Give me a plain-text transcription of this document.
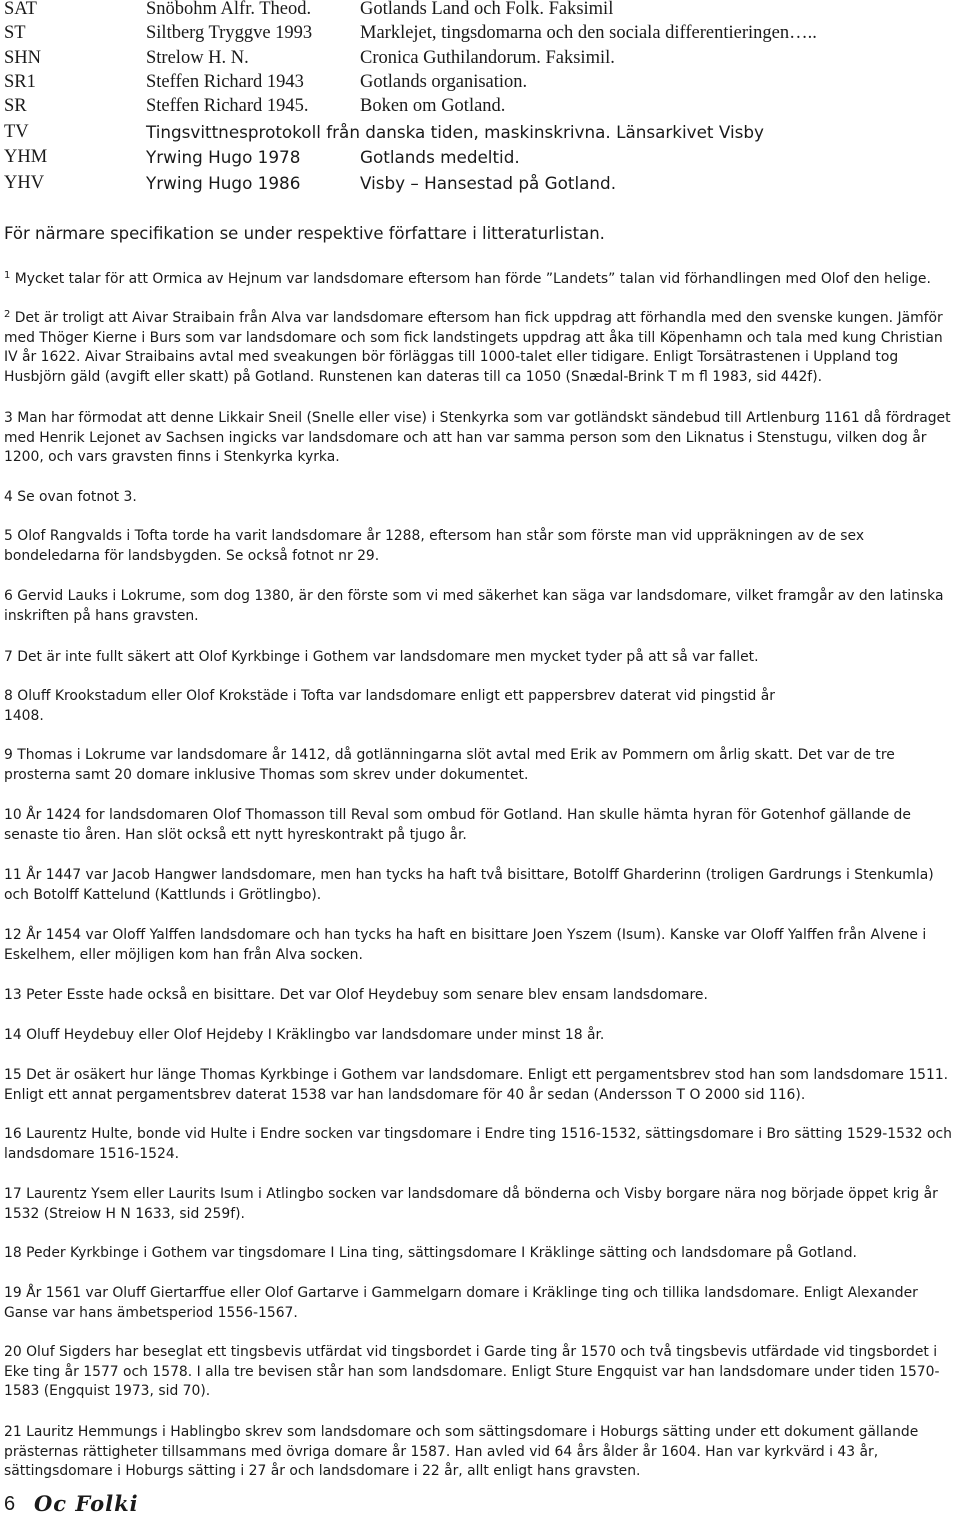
SAT	Snöbohm Alfr. Theod.	Gotlands Land och Folk. Faksimil
ST	Siltberg Tryggve 1993	Marklejet, tingsdomarna och den sociala differentieringen…..
SHN	Strelow H. N.	Cronica Guthilandorum. Faksimil.
SR1	Steffen Richard 1943	Gotlands organisation.
SR	Steffen Richard 1945.	Boken om Gotland.
TV	Tingsvittnesprotokoll från danska tiden, maskinskrivna. Länsarkivet Visby
YHM	Yrwing Hugo 1978	Gotlands medeltid.
YHV	Yrwing Hugo 1986	Visby – Hansestad på Gotland.
För närmare specifikation se under respektive författare i litteraturlistan.

$^1$ Mycket talar för att Ormica av Hejnum var landsdomare eftersom han förde ”Landets” talan vid förhandlingen med Olof den helige.

$^2$ Det är troligt att Aivar Straibain från Alva var landsdomare eftersom han fick uppdrag att förhandla med den svenske kungen. Jämför med Thöger Kierne i Burs som var landsdomare och som fick landstingets uppdrag att åka till Köpenhamn och tala med kung Christian IV år 1622. Aivar Straibains avtal med sveakungen bör förläggas till 1000-talet eller tidigare. Enligt Torsätrastenen i Uppland tog Husbjörn gäld (avgift eller skatt) på Gotland. Runstenen kan dateras till ca 1050 (Snædal-Brink T m fl 1983, sid 442f).

3 Man har förmodat att denne Likkair Sneil (Snelle eller vise) i Stenkyrka som var gotländskt sändebud till Artlenburg 1161 då fördraget med Henrik Lejonet av Sachsen ingicks var landsdomare och att han var samma person som den Liknatus i Stenstugu, vilken dog år 1200, och vars gravsten finns i Stenkyrka kyrka.

4 Se ovan fotnot 3.

5 Olof Rangvalds i Tofta torde ha varit landsdomare år 1288, eftersom han står som förste man vid uppräkningen av de sex bondeledarna för landsbygden. Se också fotnot nr 29.

6 Gervid Lauks i Lokrume, som dog 1380, är den förste som vi med säkerhet kan säga var landsdomare, vilket framgår av den latinska inskriften på hans gravsten.

7 Det är inte fullt säkert att Olof Kyrkbinge i Gothem var landsdomare men mycket tyder på att så var fallet.

8 Oluff Krookstadum eller Olof Krokstäde i Tofta var landsdomare enligt ett pappersbrev daterat vid pingstid år 1408.

9 Thomas i Lokrume var landsdomare år 1412, då gotlänningarna slöt avtal med Erik av Pommern om årlig skatt. Det var de tre prosterna samt 20 domare inklusive Thomas som skrev under dokumentet.

10 År 1424 for landsdomaren Olof Thomasson till Reval som ombud för Gotland. Han skulle hämta hyran för Gotenhof gällande de senaste tio åren. Han slöt också ett nytt hyreskontrakt på tjugo år.

11 År 1447 var Jacob Hangwer landsdomare, men han tycks ha haft två bisittare, Botolff Gharderinn (troligen Gardrungs i Stenkumla) och Botolff Kattelund (Kattlunds i Grötlingbo).

12 År 1454 var Oloff Yalffen landsdomare och han tycks ha haft en bisittare Joen Yszem (Isum). Kanske var Oloff Yalffen från Alvene i Eskelhem, eller möjligen kom han från Alva socken.

13 Peter Esste hade också en bisittare. Det var Olof Heydebuy som senare blev ensam landsdomare.

14 Oluff Heydebuy eller Olof Hejdeby I Kräklingbo var landsdomare under minst 18 år.

15 Det är osäkert hur länge Thomas Kyrkbinge i Gothem var landsdomare. Enligt ett pergamentsbrev stod han som landsdomare 1511. Enligt ett annat pergamentsbrev daterat 1538 var han landsdomare för 40 år sedan (Andersson T O 2000 sid 116).

16 Laurentz Hulte, bonde vid Hulte i Endre socken var tingsdomare i Endre ting 1516-1532, sättingsdomare i Bro sätting 1529-1532 och landsdomare 1516-1524.

17 Laurentz Ysem eller Laurits Isum i Atlingbo socken var landsdomare då bönderna och Visby borgare nära nog började öppet krig år 1532 (Streiow H N 1633, sid 259f).

18 Peder Kyrkbinge i Gothem var tingsdomare I Lina ting, sättingsdomare I Kräklinge sätting och landsdomare på Gotland.

19 År 1561 var Oluff Giertarffue eller Olof Gartarve i Gammelgarn domare i Kräklinge ting och tillika landsdomare. Enligt Alexander Ganse var hans ämbetsperiod 1556-1567.

20 Oluf Sigders har beseglat ett tingsbevis utfärdat vid tingsbordet i Garde ting år 1570 och två tingsbevis utfärdade vid tingsbordet i Eke ting år 1577 och 1578. I alla tre bevisen står han som landsdomare. Enligt Sture Engquist var han landsdomare under tiden 1570-1583 (Engquist 1973, sid 70).

21 Lauritz Hemmungs i Hablingbo skrev som landsdomare och som sättingsdomare i Hoburgs sätting under ett dokument gällande prästernas rättigheter tillsammans med övriga domare år 1587. Han avled vid 64 års ålder år 1604. Han var kyrkvärd i 43 år, sättingsdomare i Hoburgs sätting i 27 år och landsdomare i 22 år, allt enligt hans gravsten.

6 Oc Folki
